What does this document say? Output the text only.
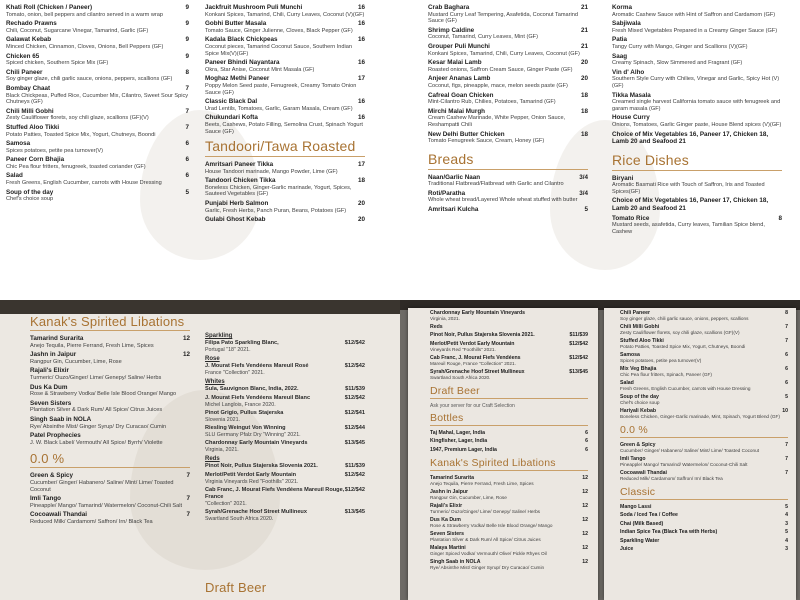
Khati Roll (Chicken / Paneer)	9
Tomato, onion, bell peppers and cilantro served in a warm wrap
Rechado Prawns	9
Chili, Coconut, Sugarcane Vinegar, Tamarind, Garlic (GF)
Galawat Kebab	9
Minced Chicken, Cinnamon, Cloves, Onions, Bell Peppers (GF)
Chicken 65	9
Spiced chicken, Southern Spice Mix (GF)
Chili Paneer	8
Soy ginger glaze, chili garlic sauce, onions, peppers, scallions (GF)
Bombay Chaat	7
Black Chickpeas, Puffed Rice, Cucumber Mix, Cilantro, Sweet Sour Spicy Chutneys (GF)
Chili Milli Gobhi	7
Zesty Cauliflower florets, soy chili glaze, scallions (GF)(V)
Stuffed Aloo Tikki	7
Potato Patties, Toasted Spice Mix, Yogurt, Chutneys, Boondi
Samosa	6
Spices potatoes, petite pea turnover(V)
Paneer Corn Bhajia	6
Chic Pea flour fritters, fenugreek, toasted coriander (GF)
Salad	6
Fresh Greens, English Cucumber, carrots with House Dressing
Soup of the day	5
Chef's choice soup
Jackfruit Mushroom Puli Munchi	16
Konkani Spices, Tamarind, Chili, Curry Leaves, Coconut (V)(GF)
Gobhi Butter Masala	16
Tomato Sauce, Ginger Julienne, Cloves, Black Pepper (GF)
Kadala Black Chickpeas	16
Coconut pieces, Tamarind Coconut Sauce, Southern Indian Spice Mix(V)(GF)
Paneer Bhindi Nayantara	16
Okra, Star Anise, Coconut Mint Masala (GF)
Moghaz Methi Paneer	17
Poppy Melon Seed paste, Fenugreek, Creamy Tomato Onion Sauce (GF)
Classic Black Dal	16
Urad Lentils, Tomatoes, Garlic, Garam Masala, Cream (GF)
Chukundari Kofta	16
Beets, Cashews, Potato Filling, Semolina Crust, Spinach Yogurt Sauce (GF)
Tandoori/Tawa Roasted
Amritsari Paneer Tikka	17
House Tandoori marinade, Mango Powder, Lime (GF)
Tandoori Chicken Tikka	18
Boneless Chicken, Ginger-Garlic marinade, Yogurt, Spices, Sauteed Vegetables (GF)
Punjabi Herb Salmon	20
Garlic, Fresh Herbs, Panch Puran, Beans, Potatoes (GF)
Gulabi Ghost Kebab	20
Crab Baghara	21
Mustard Curry Leaf Tempering, Asafetida, Coconut Tamarind Sauce (GF)
Shrimp Caldine	21
Coconut, Tamarind, Curry Leaves, Mint (GF)
Grouper Puli Munchi	21
Konkani Spices, Tamarind, Chili, Curry Leaves, Coconut (GF)
Kesar Malai Lamb	20
Roasted onions, Saffron Cream Sauce, Ginger Paste (GF)
Anjeer Ananas Lamb	20
Coconut, figs, pineapple, mace, melon seeds paste (GF)
Cafreal Goan Chicken	18
Mint-Cilantro Rub, Chilies, Potatoes, Tamarind (GF)
Mirchi Malai Murgh	18
Cream Cashew Marinade, White Pepper, Onion Sauce, Reshampatti Chili
New Delhi Butter Chicken	18
Tomato Fenugreek Sauce, Cream, Honey (GF)
Breads
Naan/Garlic Naan	3/4
Traditional Flatbread/Flatbread with Garlic and Cilantro
Roti/Paratha	3/4
Whole wheat bread/Layered Whole wheat stuffed with butter
Amritsari Kulcha	5
Korma
Aromatic Cashew Sauce with Hint of Saffron and Cardamom (GF)
Sabjiwala
Fresh Mixed Vegetables Prepared in a Creamy Ginger Sauce (GF)
Patia
Tangy Curry with Mango, Ginger and Scallions (V)(GF)
Saag
Creamy Spinach, Slow Simmered and Fragrant (GF)
Vin d' Alho
Southern Style Curry with Chilies, Vinegar and Garlic, Spicy Hot (V)(GF)
Tikka Masala
Creamed single harvest California tomato sauce with fenugreek and garam masala (GF)
House Curry
Onions, Tomatoes, Garlic Ginger paste, House Blend spices (V)(GF)
Choice of Mix Vegetables 16, Paneer 17, Chicken 18, Lamb 20 and Seafood 21
Rice Dishes
Biryani
Aromatic Basmati Rice with Touch of Saffron, Iris and Toasted Spices(GF)
Choice of Mix Vegetables 16, Paneer 17, Chicken 18, Lamb 20 and Seafood 21
Tomato Rice	8
Mustard seeds, asafetida, Curry leaves, Tamilian Spice blend, Cashew
Kanak's Spirited Libations
Tamarind Surarita	12
Anejo Tequila, Pierre Ferrand, Fresh Lime, Spices
Jashn in Jaipur	12
Rangpur Gin, Cucumber, Lime, Rose
Rajali's Elixir
Turmeric/ Ouzo/Ginger/ Lime/ Genepy/ Saline/ Herbs
Dus Ka Dum
Rose & Strawberry Vodka/ Belle Isle Blood Orange/ Mango
Seven Sisters
Plantation Silver & Dark Rum/ All Spice/ Citrus Juices
Singh Saab in NOLA
Rye/ Absinthe Mist/ Ginger Syrup/ Dry Curacao/ Cumin
Patel Prophecies
J. W. Black Label/ Vermouth/ All Spice/ Byrrh/ Violette
0.0 %
Green & Spicy	7
Cucumber/ Ginger/ Habanero/ Saline/ Mint/ Lime/ Toasted Coconut
Imli Tango	7
Pineapple/ Mango/ Tamarind/ Watermelon/ Coconut-Chili Salt
Cocoawali Thandai	7
Reduced Milk/ Cardamom/ Saffron/ Irn/ Black Tea
Sparkling
Filipa Pato Sparkling Blanc,	$12/$42
Portugal "18" 2021.
Rose
J. Mourat Fiefs Vendéens Mareuil Rosé	$12/$42
France "Collection" 2021.
Whites
Sula, Sauvignon Blanc, India, 2022.	$11/$39
J. Mourat Fiefs Vendéens Mareuil Blanc	$12/$42
Michel Langlois, France 2020.
Pinot Grigio, Pullus Stajerska	$12/$41
Slovenia 2021.
Riesling Weingut Von Winning	$12/$44
SLU Germany Pfalz Dry "Winning" 2021.
Chardonnay Early Mountain Vineyards	$13/$45
Virginia, 2021.
Reds
Pinot Noir, Pullus Stajerska Slovenia 2021.	$11/$39
Merlot/Petit Verdot Early Mountain	$12/$42
Virginia Vineyards Red "Foothills" 2021.
Cab Franc, J. Mourat Fiefs Vendéens Mareuil Rouge, France
$12/$42
"Collection" 2021.
Syrah/Grenache Hoof Street Mullineux	$13/$45
Swartland South Africa 2020.
Draft Beer
Chardonnay Early Mountain Vineyards
Virginia, 2021.
Reds
Pinot Noir, Pullus Stajerska Slovenia 2021.	$11/$39
Merlot/Petit Verdot Early Mountain	$12/$42
Vineyards Red "Foothills" 2021.
Cab Franc, J. Mourat Fiefs Vendéens	$12/$42
Mareuil Rouge, France "Collection" 2021.
Syrah/Grenache Hoof Street Mullineux	$13/$45
Swartland South Africa 2020.
Draft Beer
Ask your server for our Craft Selection
Bottles
Taj Mahal, Lager, India	6
Kingfisher, Lager, India	6
1947, Premium Lager, India	6
Kanak's Spirited Libations
Tamarind Surarita	12
Anejo Tequila, Pierre Ferrand, Fresh Lime, Spices
Jashn in Jaipur	12
Rangpur Gin, Cucumber, Lime, Rose
Rajali's Elixir	12
Turmeric/ Ouzo/Ginger/ Lime/ Genepy/ Saline/ Herbs
Dus Ka Dum	12
Rose & Strawberry Vodka/ Belle Isle Blood Orange/ Mango
Seven Sisters	12
Plantation Silver & Dark Rum/ All Spice/ Citrus Juices
Malaya Martini	12
Ginger Spiced Vodka/ Vermouth/ Olive/ Pickle Rhyes Oil
Singh Saab in NOLA	12
Rye/ Absinthe Mist/ Ginger Syrup/ Dry Curacao/ Cumin
Chili Paneer	8
Soy ginger glaze, chili garlic sauce, onions, peppers, scallions
Chili Milli Gobhi	7
Zesty Cauliflower florets, soy chili glaze, scallions (GF)(V)
Stuffed Aloo Tikki	7
Potato Patties, Toasted Spice Mix, Yogurt, Chutneys, Boondi
Samosa	6
Spices potatoes, petite pea turnover(V)
Mix Veg Bhajia	6
Chic Pea flour fritters, Spinach, Paneer (GF)
Salad	6
Fresh Greens, English Cucumber, carrots with House Dressing
Soup of the day	5
Chef's choice soup
Hariyali Kebab	10
Boneless Chicken, Ginger-Garlic marinade, Mint, Spinach, Yogurt Blend (GF)
0.0 %
Green & Spicy	7
Cucumber/ Ginger/ Habanero/ Saline/ Mint/ Lime/ Toasted Coconut
Imli Tango	7
Pineapple/ Mango/ Tamarind/ Watermelon/ Coconut-Chili Salt
Cocoawali Thandai	7
Reduced Milk/ Cardamom/ Saffron/ Irn/ Black Tea
Classic
Mango Lassi	5
Soda / Iced Tea / Coffee	4
Chai (Milk Based)	3
Indian Spice Tea (Black Tea with Herbs)	5
Sparkling Water	4
Juice	3
